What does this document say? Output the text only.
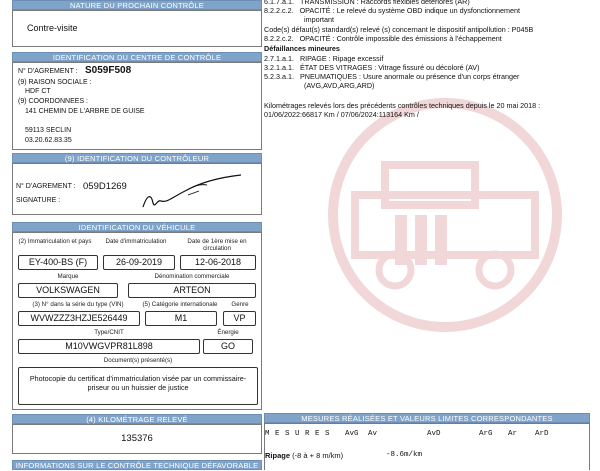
NATURE DU PROCHAIN CONTRÔLE
Contre-visite
IDENTIFICATION DU CENTRE DE CONTRÔLE
N° D'AGREMENT : S059F508
(9) RAISON SOCIALE :
HDF CT
(9) COORDONNEES :
141 CHEMIN DE L'ARBRE DE GUISE
59113 SECLIN
03.20.62.83.35
(9) IDENTIFICATION DU CONTRÔLEUR
N° D'AGREMENT : 059D1269
SIGNATURE :
IDENTIFICATION DU VÉHICULE
(2) Immatriculation et pays	Date d'immatriculation	Date de 1ère mise en circulation
EY-400-BS (F)	26-09-2019	12-06-2018
Marque	Dénomination commerciale
VOLKSWAGEN	ARTEON
(3) N° dans la série du type (VIN)	(5) Catégorie internationale	Genre
WVWZZZ3HZJE526449	M1	VP
Type/CNIT	Énergie
M10VWGVPR81L898	GO
Document(s) présenté(s)
Photocopie du certificat d'immatriculation visée par un commissaire-priseur ou un huissier de justice
(4) KILOMÉTRAGE RELEVÉ
135376
INFORMATIONS SUR LE CONTRÔLE TECHNIQUE DÉFAVORABLE
6.1.7.a.1. TRANSMISSION : Raccords flexibles détériorés (AR)
8.2.2.c.2. OPACITÉ : Le relevé du système OBD indique un dysfonctionnement
important
Code(s) défaut(s) standard(s) relevé (s) concernant le dispositif antipollution : P045B
8.2.2.c.2. OPACITÉ : Contrôle impossible des émissions à l'échappement
Défaillances mineures
2.7.1.a.1. RIPAGE : Ripage excessif
3.2.1.a.1. ÉTAT DES VITRAGES : Vitrage fissuré ou décoloré (AV)
5.2.3.a.1. PNEUMATIQUES : Usure anormale ou présence d'un corps étranger
(AVG,AVD,ARG,ARD)
Kilométrages relevés lors des précédents contrôles techniques depuis le 20 mai 2018 :
01/06/2022:66817 Km / 07/06/2024:113164 Km /
MESURES RÉALISÉES ET VALEURS LIMITES CORRESPONDANTES
M E S U R E S AvG Av	AvD	ArG Ar ArD
Ripage (-8 à + 8 m/km)	-8.6m/km
